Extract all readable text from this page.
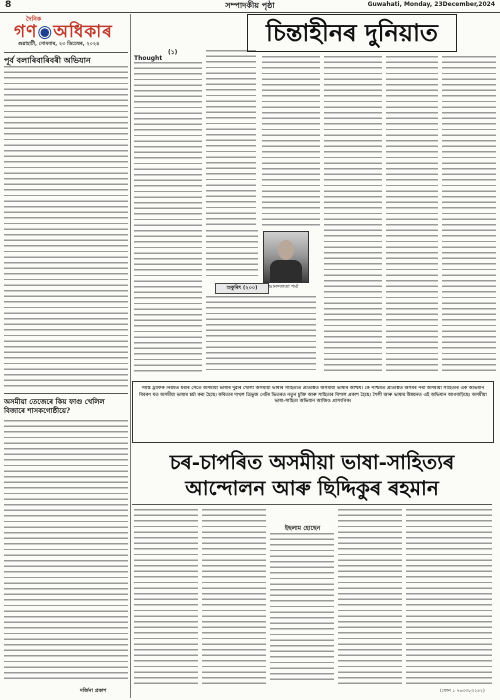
8	সম্পাদকীয় পৃষ্ঠা	Guwahati, Monday, 23December,2024
দৈনিক
গণ◉অধিকাৰ
গুৱাহাটী, সোমবাৰ, ২৩ ডিচেম্বৰ, ২০২৪
পূৰ্ব বলাৰিবাৰিবৰী অভিযান
অসমীয়া তেজেৰে কিয় ফাগু খেলিল বিজাৰে শাসকগোষ্ঠীয়ে?
দৰ্জিনা প্ৰকাশ
(১)
Thought
চিন্তাহীনৰ দুনিয়াত
শুকুৰিৎ (২০০)	আনন্দলতা শৰ্মা
সমস্ত ট্ৰাফিক নিয়মত ধৰাৰ সৈতে অসমীয়া ভাষাৰ দুৱাৰ খোলা অসমীয়া ভাষাৰ সাহিত্যত প্ৰতিষ্ঠিত অসমীয়া ভাষাৰ আশ্চৰ্য। কৈ পশ্চিমত প্ৰতিষ্ঠিত অসমৰ পৰা অসমীয়া সাহিত্যৰ এক অভিযান বিবৰণ যত অসমীয়া ভাষাৰ চৰ্চা কৰা হৈছে। কবিতাৰ দাখল ত্ৰিভুজ গেটৰ ভিতৰত নতুন চুক্তি আৰু সাহিত্যৰ বিশাল প্ৰকাশ হৈছে। শৈলী আৰু ভাষাৰ উন্নয়নত এই অভিযান আগবাঢ়িছে। অসমীয়া ভাষা-সাহিত্য অভিযান আজিও প্ৰাসংগিক।
চৰ-চাপৰিত অসমীয়া ভাষা-সাহিত্যৰ
আন্দোলন আৰু ছিদ্দিকুৰ ৰহমান
ইছলাম হোছেন
(ফোন ১ ৭৬৩৩৮৩২৪২)
